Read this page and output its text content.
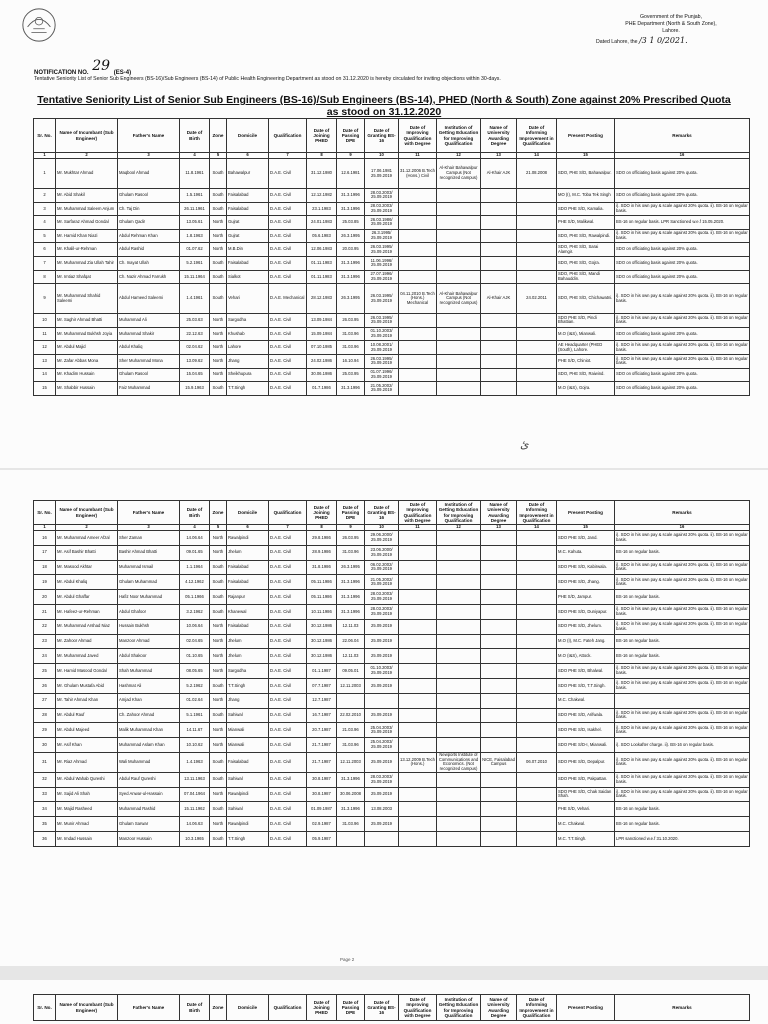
Government of the Punjab,
PHE Department (North & South Zone),
Lahore.
Dated Lahore, the /3 1 0/2021.
NOTIFICATION NO. 29 (ES-4)
Tentative Seniority List of Senior Sub Engineers (BS-16)/Sub Engineers (BS-14) of Public Health Engineering Department as stood on 31.12.2020 is hereby circulated for inviting objections within 30-days.
Tentative Seniority List of Senior Sub Engineers (BS-16)/Sub Engineers (BS-14), PHED (North & South) Zone against 20% Prescribed Quota
as stood on 31.12.2020
Sr. No.	Name of Incumbant (Sub Engineer)	Father's Name	Date of Birth	Zone	Domicile	Qualification	Date of Joining PHED	Date of Passing DPE	Date of Granting BS-16	Date of Improving Qualification with Degree	Institution of Getting Education for Improving Qualification	Name of University Awarding Degree	Date of Informing Improvement in Qualification	Present Posting	Remarks
1	2	3	4	5	6	7	8	9	10	11	12	13	14	15	16
1	Mr. Mukhtar Ahmad	Maqbool Ahmad	11.8.1961	South	Bahawalpur	D.A.E. Civil	31.12.1980	12.6.1981	17.06.1981 25.09.2019	31.12.2006 B.Tech (Hons.) Civil	Al-Khair Bahawalpur Campus (Not recognized campus)	Al-Khair AJK	21.08.2008	SDO, PHE S/D, Bahawalpur.	SDO on officiating basis against 20% quota.
2	Mr. Abid Shakil	Ghulam Rasool	1.5.1961	South	Faisalabad	D.A.E. Civil	12.12.1982	31.3.1996	28.03.2003/ 25.09.2019					MO (I), M.C. Toba Tek Singh	SDO on officiating basis against 20% quota.
3	Mr. Muhammad Saleem Anjum	Ch. Taj Din	26.11.1961	South	Faisalabad	D.A.E. Civil	23.1.1983	31.3.1996	28.03.2003/ 25.09.2019					SDO PHE S/D, Kamalia.	i). SDO in his own pay & scale against 20% quota. ii). BS-16 on regular basis.
4	Mr. Sarfaraz Ahmad Gondal	Ghulam Qadir	13.05.61	North	Gujrat	D.A.E. Civil	24.01.1983	25.03.85	26.03.1986/ 25.09.2019					PHE S/D, Malikwal.	BS-16 on regular basis. LPR Sanctioned w.e.f 15.05.2020.
5	Mr. Hamid Khan Niazi	Abdul Rehman Khan	1.8.1963	North	Gujrat	D.A.E. Civil	05.6.1983	26.3.1995	26.3.1995/ 25.09.2019					SDO, PHE S/D, Rawalpindi.	i). SDO in his own pay & scale against 20% quota. ii). BS-16 on regular basis.
6	Mr. Khalil-ur-Rehman	Abdul Rashid	01.07.62	North	M.B.Din	D.A.E. Civil	12.06.1983	20.03.95	26.03.1995/ 25.09.2019					SDO, PHE S/D, Sarai Alamgir.	SDO on officiating basis against 20% quota.
7	Mr. Muhammad Zia Ullah Tahir	Ch. Inayat Ullah	5.2.1961	South	Faisalabad	D.A.E. Civil	01.11.1983	31.3.1996	11.06.1996/ 25.09.2019					SDO, PHE S/D, Gojra.	SDO on officiating basis against 20% quota.
8	Mr. Imtiaz Shafqat	Ch. Nazir Ahmad Farrukh	15.11.1964	South	Sialkot	D.A.E. Civil	01.11.1983	31.3.1996	27.07.1996/ 25.09.2019					SDO, PHE S/D, Mandi Bahauddin.	SDO on officiating basis against 20% quota.
9	Mr. Muhammad Shahid Saleemi	Abdul Hameed Saleemi	1.4.1961	South	Vehari	D.A.E. Mechanical	28.12.1983	26.3.1995	26.03.1995/ 25.09.2019	04.11.2010 B.Tech (Hons.) Mechanical	Al-Khair Bahawalpur Campus (Not recognized campus)	Al-Khair AJK	24.02.2011	SDO, PHE S/D, Chichawatni.	i). SDO in his own pay & scale against 20% quota. ii). BS-16 on regular basis.
10	Mr. Saghir Ahmad Bhatti	Muhammad Ali	25.03.63	North	Sargodha	D.A.E. Civil	13.09.1984	26.03.95	26.03.1995/ 25.09.2019					SDO PHE S/D, Pindi Bhattian.	i). SDO in his own pay & scale against 20% quota. ii). BS-16 on regular basis.
11	Mr. Muhammad Bukhsh Joyia	Muhammad Shakir	22.12.63	North	Khushab	D.A.E. Civil	15.09.1984	31.03.96	01.10.2003/ 25.09.2019					M.O (I&S), Mianwali.	SDO on officiating basis against 20% quota.
12	Mr. Abdul Majid	Abdul Khaliq	02.04.62	North	Lahore	D.A.E. Civil	07.10.1985	31.03.96	10.08.2001/ 25.09.2019					AE Headquarter (PHED (South), Lahore.	i). SDO in his own pay & scale against 20% quota. ii). BS-16 on regular basis.
13	Mr. Zafar Abbas Mona	Sher Muhammad Mona	13.09.62	North	Jhang	D.A.E. Civil	24.02.1986	16.10.94	26.03.1995/ 25.09.2019					PHE S/D, Chiniot.	i). SDO in his own pay & scale against 20% quota. ii). BS-16 on regular basis.
14	Mr. Khadim Hussain	Ghulam Rasool	15.04.65	North	Sheikhupura	D.A.E. Civil	30.06.1986	25.03.95	01.07.1996/ 25.09.2019					SDO, PHE S/D, Raiwind.	SDO on officiating basis against 20% quota.
15	Mr. Shabbir Hussain	Faiz Muhammad	15.9.1963	South	T.T.Singh	D.A.E. Civil	01.7.1986	31.3.1996	21.05.2002/ 25.09.2019					M.O (I&S), Gojra.	SDO on officiating basis against 20% quota.
ئ
Sr. No.	Name of Incumbant (Sub Engineer)	Father's Name	Date of Birth	Zone	Domicile	Qualification	Date of Joining PHED	Date of Passing DPE	Date of Granting BS-16	Date of Improving Qualification with Degree	Institution of Getting Education for Improving Qualification	Name of University Awarding Degree	Date of Informing Improvement in Qualification	Present Posting	Remarks
1	2	3	4	5	6	7	8	9	10	11	12	13	14	15	16
16	Mr. Muhammad Ameer Afzal	Sher Zaman	14.06.64	North	Rawalpindi	D.A.E. Civil	29.8.1986	26.03.95	29.06.2000/ 25.09.2019					SDO PHE S/D, Jand.	i). SDO in his own pay & scale against 20% quota. ii). BS-16 on regular basis.
17	Mr. Asif Bashir Bhatti	Bashir Ahmad Bhatti	09.01.65	North	Jhelum	D.A.E. Civil	28.9.1986	31.03.96	23.06.2000/ 25.09.2019					M.C. Kahuta.	BS-16 on regular basis.
18	Mr. Masood Akhtar	Muhammad Ismail	1.1.1964	South	Faisalabad	D.A.E. Civil	31.8.1986	26.3.1995	06.02.2002/ 25.09.2019					SDO PHE S/D, Kabirwala.	i). SDO in his own pay & scale against 20% quota. ii). BS-16 on regular basis.
19	Mr. Abdul Khaliq	Ghulam Muhammad	4.12.1962	South	Faisalabad	D.A.E. Civil	05.11.1986	31.3.1996	21.05.2002/ 25.09.2019					SDO PHE S/D, Jhang.	i). SDO in his own pay & scale against 20% quota. ii). BS-16 on regular basis.
20	Mr. Abdul Ghaffar	Hafiz Noor Muhammad	05.1.1966	South	Rajanpur	D.A.E. Civil	05.11.1986	31.3.1996	28.03.2003/ 25.09.2019					PHE S/D, Jampur.	BS-16 on regular basis.
21	Mr. Hafeez-ur-Rehman	Abdul Ghafoor	3.2.1962	South	Khanewal	D.A.E. Civil	10.11.1986	31.3.1996	28.03.2003/ 25.09.2019					SDO PHE S/D, Duniyapur.	i). SDO in his own pay & scale against 20% quota. ii). BS-16 on regular basis.
22	Mr. Muhammad Arshad Niaz	Hussain Bukhsh	10.06.64	North	Faisalabad	D.A.E. Civil	30.12.1986	12.11.03	25.09.2019					SDO PHE S/D, Jhelum.	i). SDO in his own pay & scale against 20% quota. ii). BS-16 on regular basis.
23	Mr. Zahoor Ahmad	Manzoor Ahmad	02.04.65	North	Jhelum	D.A.E. Civil	30.12.1986	22.06.04	25.09.2019					M.O (I), M.C. Fateh Jang.	BS-16 on regular basis.
24	Mr. Muhammad Javed	Abdul Shakoor	01.10.65	North	Jhelum	D.A.E. Civil	30.12.1986	12.11.03	25.09.2019					M.O (I&S), Attock.	BS-16 on regular basis.
25	Mr. Hamid Masood Gondal	Shah Muhammad	08.05.65	North	Sargodha	D.A.E. Civil	01.1.1987	09.05.01	01.10.2003/ 25.09.2019					SDO PHE S/D, Bhalwal.	i). SDO in his own pay & scale against 20% quota. ii). BS-16 on regular basis.
26	Mr. Ghulam Mustafa Abid	Hashmat Ali	5.2.1962	South	T.T.Singh	D.A.E. Civil	07.7.1987	12.11.2003	25.09.2019					SDO PHE S/D, T.T.Singh.	i). SDO in his own pay & scale against 20% quota. ii). BS-16 on regular basis.
27	Mr. Tahir Ahmad Khan	Amjad Khan	01.02.64	North	Jhang	D.A.E. Civil	12.7.1987							M.C. Chakwal.	
28	Mr. Abdul Rauf	Ch. Zahoor Ahmad	5.1.1961	South	Sahiwal	D.A.E. Civil	16.7.1987	22.02.2010	25.09.2019					SDO PHE S/D, Arifwala.	i). SDO in his own pay & scale against 20% quota. ii). BS-16 on regular basis.
29	Mr. Abdul Majeed	Malik Muhammad Khan	14.11.67	North	Mianwali	D.A.E. Civil	20.7.1987	21.03.96	25.04.2003/ 25.09.2019					SDO PHE S/D, Isakhel.	i). SDO in his own pay & scale against 20% quota. ii). BS-16 on regular basis.
30	Mr. Asif Khan	Muhammad Aslam Khan	10.10.62	North	Mianwali	D.A.E. Civil	21.7.1987	31.03.96	25.04.2003/ 25.09.2019					SDO PHE S/D-I, Mianwali.	i). SDO Lookafter charge. ii). BS-16 on regular basis.
31	Mr. Riaz Ahmad	Wali Muhammad	1.4.1963	South	Faisalabad	D.A.E. Civil	21.7.1987	12.11.2003	25.09.2019	13.12.2009 B.Tech (Hons.)	Newports Institute of Communications and Economics. (Not recognized campus)	NICE, Faisalabad Campus	06.07.2010	SDO PHE S/D, Depalpur.	i). SDO in his own pay & scale against 20% quota. ii). BS-16 on regular basis.
32	Mr. Abdul Wahab Qureshi	Abdul Rauf Qureshi	13.11.1963	South	Sahiwal	D.A.E. Civil	30.8.1987	31.3.1996	28.03.2003/ 25.09.2019					SDO PHE S/D, Pakpattan.	i). SDO in his own pay & scale against 20% quota. ii). BS-16 on regular basis.
33	Mr. Sajid Ali Shah	Syed Anwar-ul-Hassain	07.04.1964	North	Rawalpindi	D.A.E. Civil	30.8.1987	30.06.2008	25.09.2019					SDO PHE S/D, Chak Saidan Shah.	i). SDO in his own pay & scale against 20% quota. ii). BS-16 on regular basis.
34	Mr. Majid Rasheed	Muhammad Rashid	15.11.1962	South	Sahiwal	D.A.E. Civil	01.09.1987	31.3.1996	13.08.2003					PHE S/D, Vehari.	BS-16 on regular basis.
35	Mr. Munir Ahmad	Ghulam Sarwar	14.06.63	North	Rawalpindi	D.A.E. Civil	02.9.1987	31.03.96	25.09.2019					M.C. Chakwal.	BS-16 on regular basis.
36	Mr. Imdad Hussain	Manzoor Hussain	10.3.1965	South	T.T.Singh	D.A.E. Civil	05.9.1987							M.C. T.T.Singh.	LPR sanctioned w.e.f 31.10.2020.
Page 2
Sr. No.	Name of Incumbant (Sub Engineer)	Father's Name	Date of Birth	Zone	Domicile	Qualification	Date of Joining PHED	Date of Passing DPE	Date of Granting BS-16	Date of Improving Qualification with Degree	Institution of Getting Education for Improving Qualification	Name of University Awarding Degree	Date of Informing Improvement in Qualification	Present Posting	Remarks
